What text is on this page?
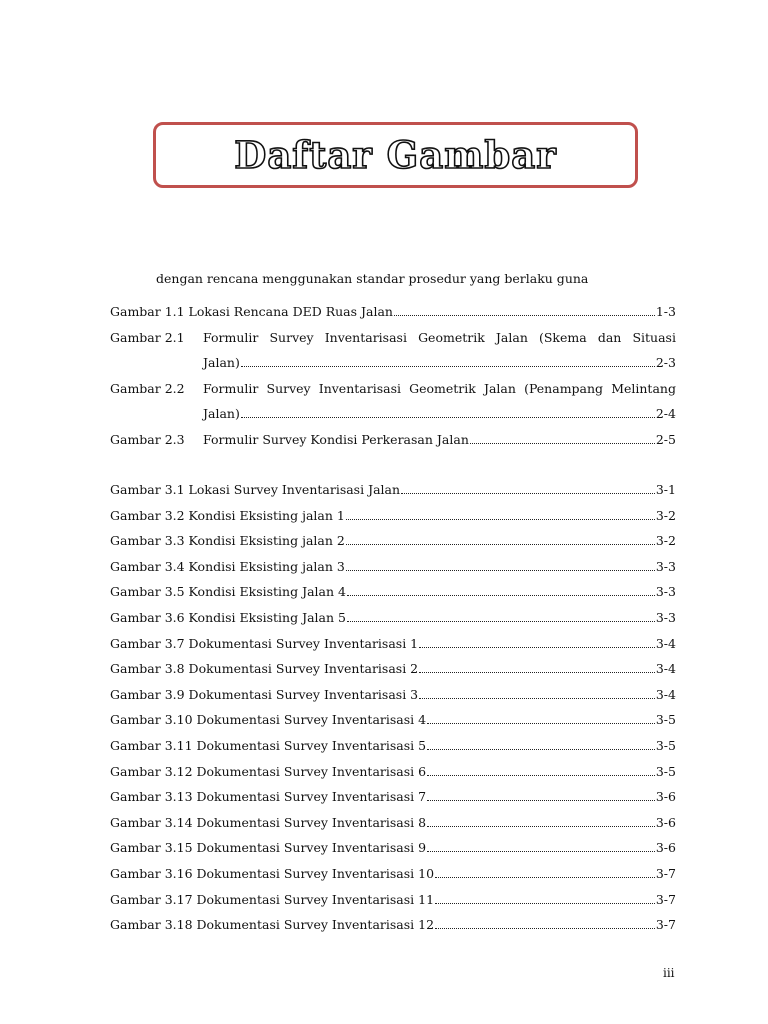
Daftar Gambar
dengan rencana menggunakan standar prosedur yang berlaku guna
Gambar 1.1 Lokasi Rencana DED Ruas Jalan	1-3
Gambar 2.1 Formulir Survey Inventarisasi Geometrik Jalan (Skema dan Situasi
Jalan)	2-3
Gambar 2.2 Formulir Survey Inventarisasi Geometrik Jalan (Penampang Melintang
Jalan)	2-4
Gambar 2.3 Formulir Survey Kondisi Perkerasan Jalan	2-5
Gambar 3.1 Lokasi Survey Inventarisasi Jalan	3-1
Gambar 3.2 Kondisi Eksisting jalan 1	3-2
Gambar 3.3 Kondisi Eksisting jalan 2	3-2
Gambar 3.4 Kondisi Eksisting jalan 3	3-3
Gambar 3.5 Kondisi Eksisting Jalan 4	3-3
Gambar 3.6 Kondisi Eksisting Jalan 5	3-3
Gambar 3.7 Dokumentasi Survey Inventarisasi 1	3-4
Gambar 3.8 Dokumentasi Survey Inventarisasi 2	3-4
Gambar 3.9 Dokumentasi Survey Inventarisasi 3	3-4
Gambar 3.10 Dokumentasi Survey Inventarisasi 4	3-5
Gambar 3.11 Dokumentasi Survey Inventarisasi 5	3-5
Gambar 3.12 Dokumentasi Survey Inventarisasi 6	3-5
Gambar 3.13 Dokumentasi Survey Inventarisasi 7	3-6
Gambar 3.14 Dokumentasi Survey Inventarisasi 8	3-6
Gambar 3.15 Dokumentasi Survey Inventarisasi 9	3-6
Gambar 3.16 Dokumentasi Survey Inventarisasi 10	3-7
Gambar 3.17 Dokumentasi Survey Inventarisasi 11	3-7
Gambar 3.18 Dokumentasi Survey Inventarisasi 12	3-7
iii
